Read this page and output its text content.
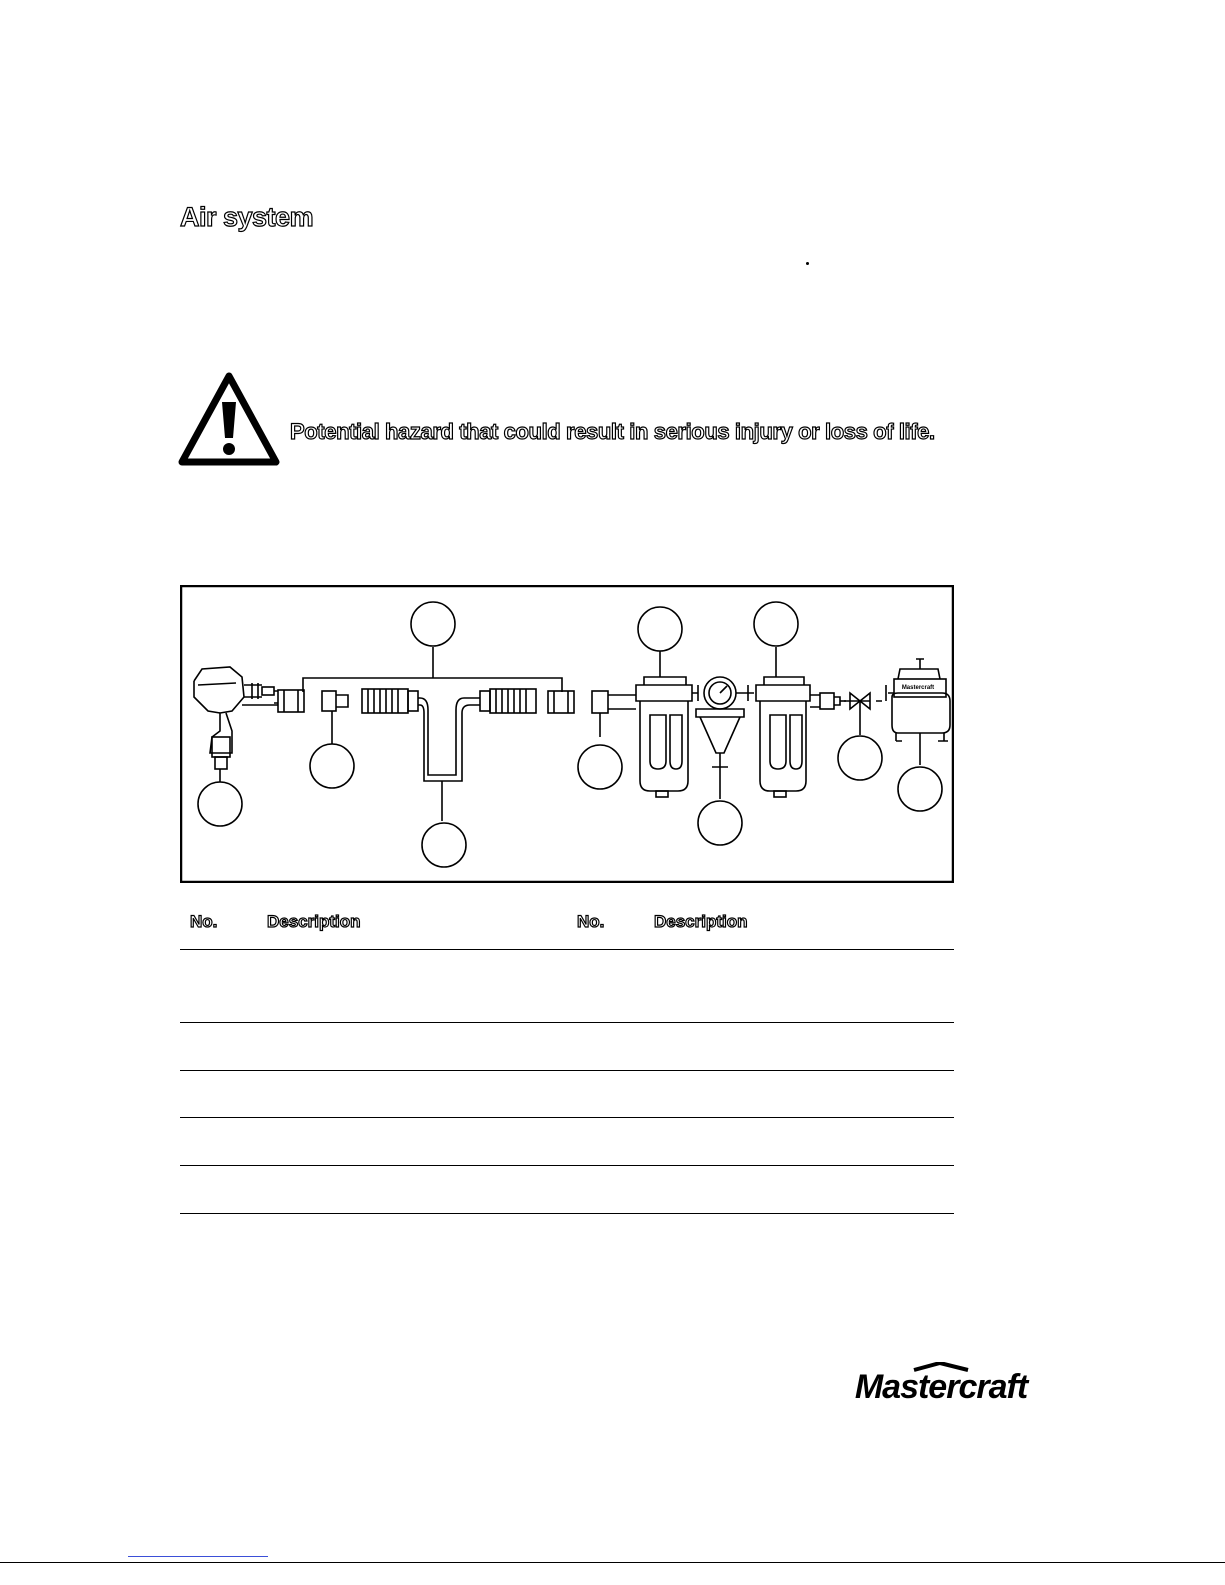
Air system
Potential hazard that could result in serious injury or loss of life.
Mastercraft
No.	Description	No.	Description
Mastercraft
